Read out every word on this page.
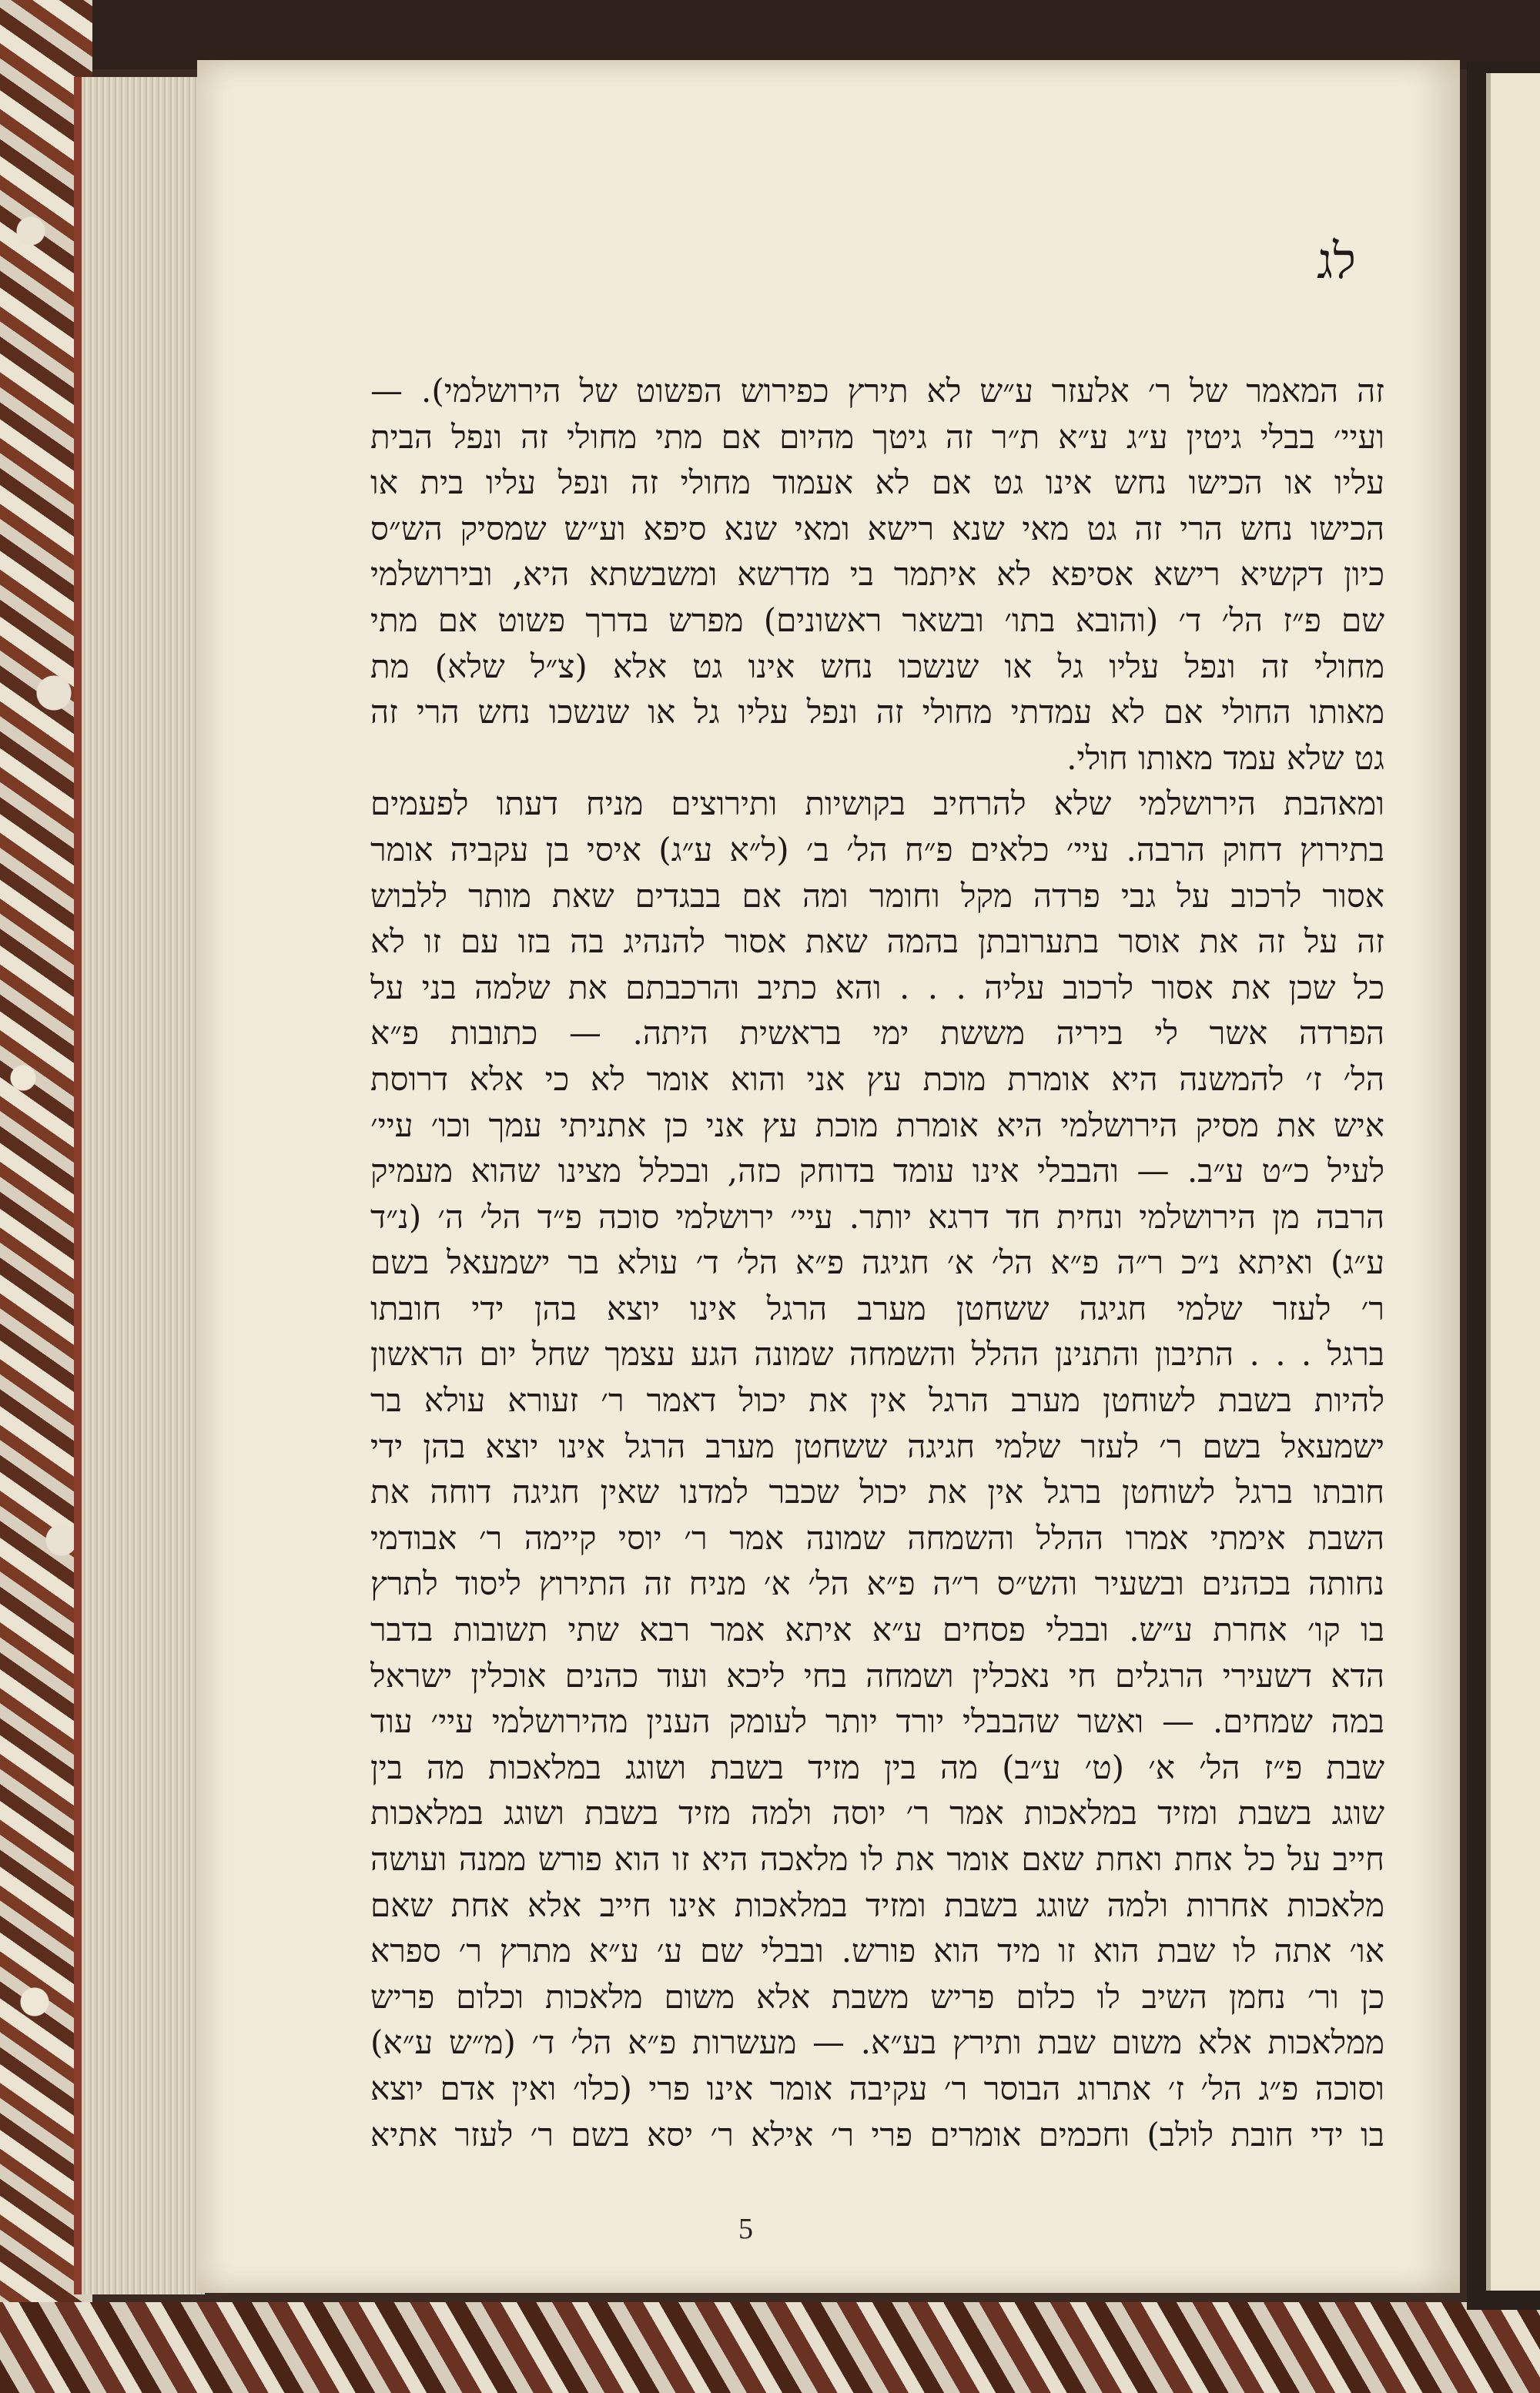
לג
זה המאמר של ר׳ אלעזר ע״ש לא תירץ כפירוש הפשוט של הירושלמי). —
ועיי׳ בבלי גיטין ע״ג ע״א ת״ר זה גיטך מהיום אם מתי מחולי זה ונפל הבית
עליו או הכישו נחש אינו גט אם לא אעמוד מחולי זה ונפל עליו בית או
הכישו נחש הרי זה גט מאי שנא רישא ומאי שנא סיפא וע״ש שמסיק הש״ס
כיון דקשיא רישא אסיפא לא איתמר בי מדרשא ומשבשתא היא, ובירושלמי
שם פ״ז הל׳ ד׳ (והובא בתו׳ ובשאר ראשונים) מפרש בדרך פשוט אם מתי
מחולי זה ונפל עליו גל או שנשכו נחש אינו גט אלא (צ״ל שלא) מת
מאותו החולי אם לא עמדתי מחולי זה ונפל עליו גל או שנשכו נחש הרי זה
גט שלא עמד מאותו חולי.
ומאהבת הירושלמי שלא להרחיב בקושיות ותירוצים מניח דעתו לפעמים
בתירוץ דחוק הרבה. עיי׳ כלאים פ״ח הל׳ ב׳ (ל״א ע״ג) איסי בן עקביה אומר
אסור לרכוב על גבי פרדה מקל וחומר ומה אם בבגדים שאת מותר ללבוש
זה על זה את אוסר בתערובתן בהמה שאת אסור להנהיג בה בזו עם זו לא
כל שכן את אסור לרכוב עליה . . . והא כתיב והרכבתם את שלמה בני על
הפרדה אשר לי ביריה מששת ימי בראשית היתה. — כתובות פ״א
הל׳ ז׳ להמשנה היא אומרת מוכת עץ אני והוא אומר לא כי אלא דרוסת
איש את מסיק הירושלמי היא אומרת מוכת עץ אני כן אתניתי עמך וכו׳ עיי׳
לעיל כ״ט ע״ב. — והבבלי אינו עומד בדוחק כזה, ובכלל מצינו שהוא מעמיק
הרבה מן הירושלמי ונחית חד דרגא יותר. עיי׳ ירושלמי סוכה פ״ד הל׳ ה׳ (נ״ד
ע״ג) ואיתא נ״כ ר״ה פ״א הל׳ א׳ חגיגה פ״א הל׳ ד׳ עולא בר ישמעאל בשם
ר׳ לעזר שלמי חגיגה ששחטן מערב הרגל אינו יוצא בהן ידי חובתו
ברגל . . . התיבון והתנינן ההלל והשמחה שמונה הגע עצמך שחל יום הראשון
להיות בשבת לשוחטן מערב הרגל אין את יכול דאמר ר׳ זעורא עולא בר
ישמעאל בשם ר׳ לעזר שלמי חגיגה ששחטן מערב הרגל אינו יוצא בהן ידי
חובתו ברגל לשוחטן ברגל אין את יכול שכבר למדנו שאין חגיגה דוחה את
השבת אימתי אמרו ההלל והשמחה שמונה אמר ר׳ יוסי קיימה ר׳ אבודמי
נחותה בכהנים ובשעיר והש״ס ר״ה פ״א הל׳ א׳ מניח זה התירוץ ליסוד לתרץ
בו קו׳ אחרת ע״ש. ובבלי פסחים ע״א איתא אמר רבא שתי תשובות בדבר
הדא דשעירי הרגלים חי נאכלין ושמחה בחי ליכא ועוד כהנים אוכלין ישראל
במה שמחים. — ואשר שהבבלי יורד יותר לעומק הענין מהירושלמי עיי׳ עוד
שבת פ״ז הל׳ א׳ (ט׳ ע״ב) מה בין מזיד בשבת ושוגג במלאכות מה בין
שוגג בשבת ומזיד במלאכות אמר ר׳ יוסה ולמה מזיד בשבת ושוגג במלאכות
חייב על כל אחת ואחת שאם אומר את לו מלאכה היא זו הוא פורש ממנה ועושה
מלאכות אחרות ולמה שוגג בשבת ומזיד במלאכות אינו חייב אלא אחת שאם
או׳ אתה לו שבת הוא זו מיד הוא פורש. ובבלי שם ע׳ ע״א מתרץ ר׳ ספרא
כן ור׳ נחמן השיב לו כלום פריש משבת אלא משום מלאכות וכלום פריש
ממלאכות אלא משום שבת ותירץ בע״א. — מעשרות פ״א הל׳ ד׳ (מ״ש ע״א)
וסוכה פ״ג הל׳ ז׳ אתרוג הבוסר ר׳ עקיבה אומר אינו פרי (כלו׳ ואין אדם יוצא
בו ידי חובת לולב) וחכמים אומרים פרי ר׳ אילא ר׳ יסא בשם ר׳ לעזר אתיא
5
